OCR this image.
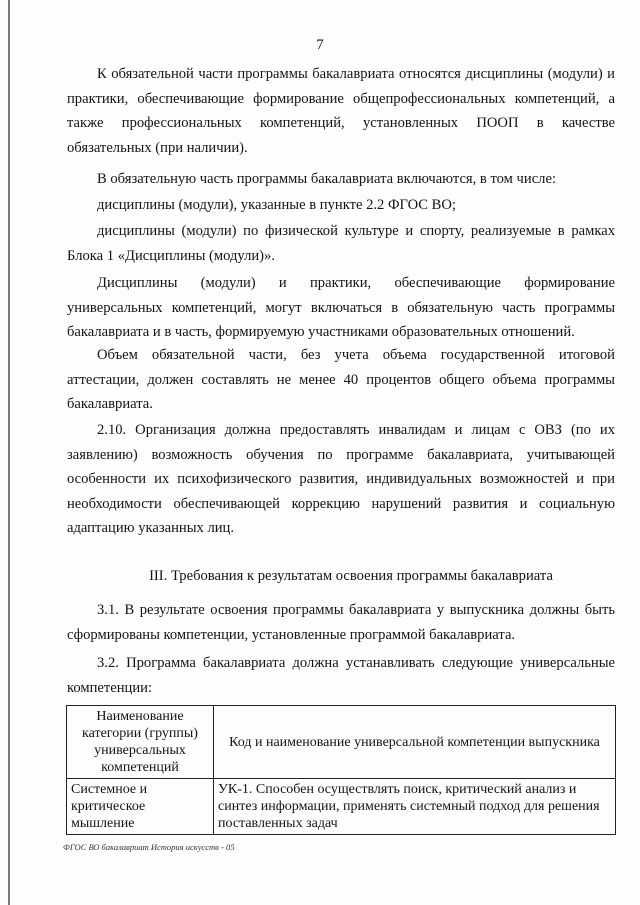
7

К обязательной части программы бакалавриата относятся дисциплины (модули) и практики, обеспечивающие формирование общепрофессиональных компетенций, а также профессиональных компетенций, установленных ПООП в качестве обязательных (при наличии).

В обязательную часть программы бакалавриата включаются, в том числе:

дисциплины (модули), указанные в пункте 2.2 ФГОС ВО;

дисциплины (модули) по физической культуре и спорту, реализуемые в рамках Блока 1 «Дисциплины (модули)».

Дисциплины (модули) и практики, обеспечивающие формирование универсальных компетенций, могут включаться в обязательную часть программы бакалавриата и в часть, формируемую участниками образовательных отношений.

Объем обязательной части, без учета объема государственной итоговой аттестации, должен составлять не менее 40 процентов общего объема программы бакалавриата.

2.10. Организация должна предоставлять инвалидам и лицам с ОВЗ (по их заявлению) возможность обучения по программе бакалавриата, учитывающей особенности их психофизического развития, индивидуальных возможностей и при необходимости обеспечивающей коррекцию нарушений развития и социальную адаптацию указанных лиц.

III. Требования к результатам освоения программы бакалавриата

3.1. В результате освоения программы бакалавриата у выпускника должны быть сформированы компетенции, установленные программой бакалавриата.

3.2. Программа бакалавриата должна устанавливать следующие универсальные компетенции:

Наименование категории (группы) универсальных компетенций	Код и наименование универсальной компетенции выпускника
Системное и критическое мышление	УК-1. Способен осуществлять поиск, критический анализ и синтез информации, применять системный подход для решения поставленных задач
ФГОС ВО бакалавриат История искусств - 05
